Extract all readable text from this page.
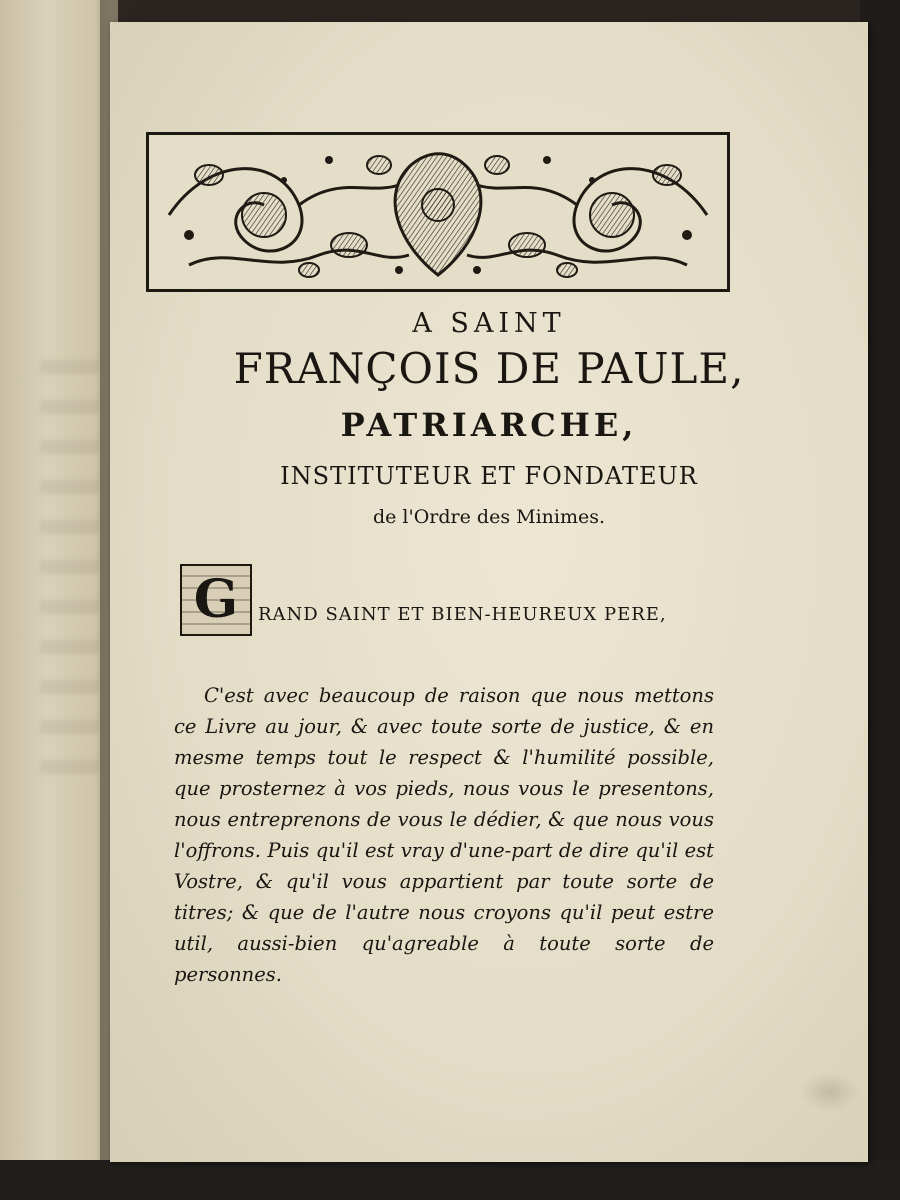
A SAINT

FRANÇOIS DE PAULE,

PATRIARCHE,

INSTITUTEUR ET FONDATEUR

de l'Ordre des Minimes.

G	RAND SAINT ET BIEN-HEUREUX PERE,

C'est avec beaucoup de raison que nous mettons ce Livre au jour, & avec toute sorte de justice, & en mesme temps tout le respect & l'humilité possible, que prosternez à vos pieds, nous vous le presentons, nous entreprenons de vous le dédier, & que nous vous l'offrons. Puis qu'il est vray d'une-part de dire qu'il est Vostre, & qu'il vous appartient par toute sorte de titres; & que de l'autre nous croyons qu'il peut estre util, aussi-bien qu'agreable à toute sorte de personnes.
